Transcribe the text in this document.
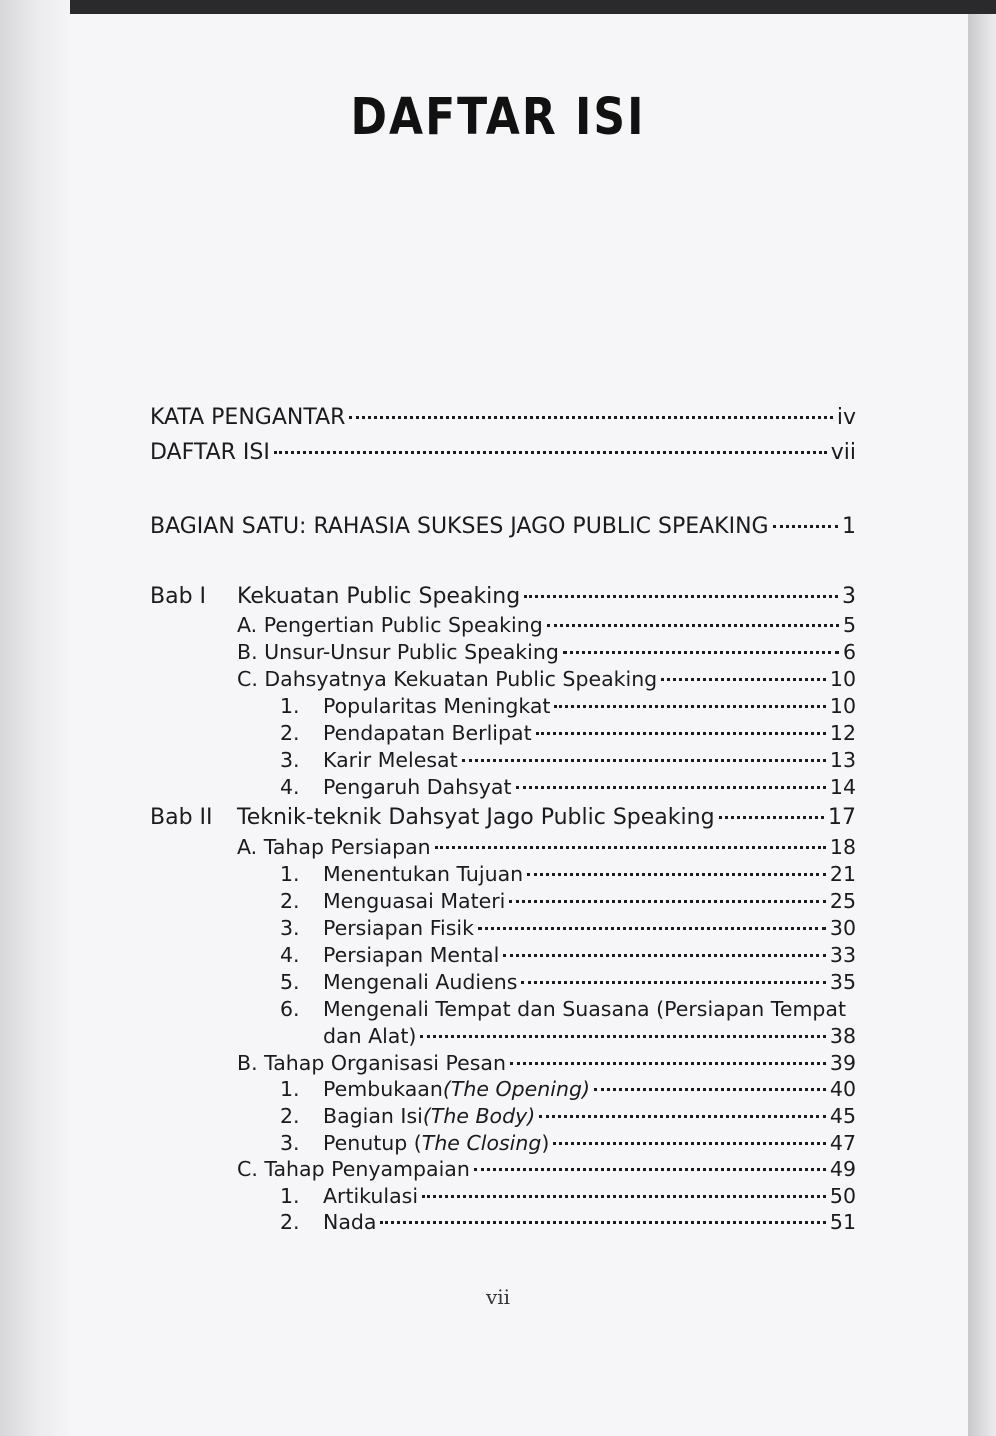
DAFTAR ISI
KATA PENGANTAR	iv
DAFTAR ISI	vii
BAGIAN SATU: RAHASIA SUKSES JAGO PUBLIC SPEAKING	1
Bab I Kekuatan Public Speaking	3
A. Pengertian Public Speaking	5
B. Unsur-Unsur Public Speaking	6
C. Dahsyatnya Kekuatan Public Speaking	10
1.	Popularitas Meningkat	10
2.	Pendapatan Berlipat	12
3.	Karir Melesat	13
4.	Pengaruh Dahsyat	14
Bab II Teknik-teknik Dahsyat Jago Public Speaking	17
A. Tahap Persiapan	18
1.	Menentukan Tujuan	21
2.	Menguasai Materi	25
3.	Persiapan Fisik	30
4.	Persiapan Mental	33
5.	Mengenali Audiens	35
6.	Mengenali Tempat dan Suasana (Persiapan Tempat
dan Alat)	38
B. Tahap Organisasi Pesan	39
1.	Pembukaan (The Opening)	40
2.	Bagian Isi (The Body)	45
3.	Penutup ( The Closing )	47
C. Tahap Penyampaian	49
1.	Artikulasi	50
2.	Nada	51
vii
